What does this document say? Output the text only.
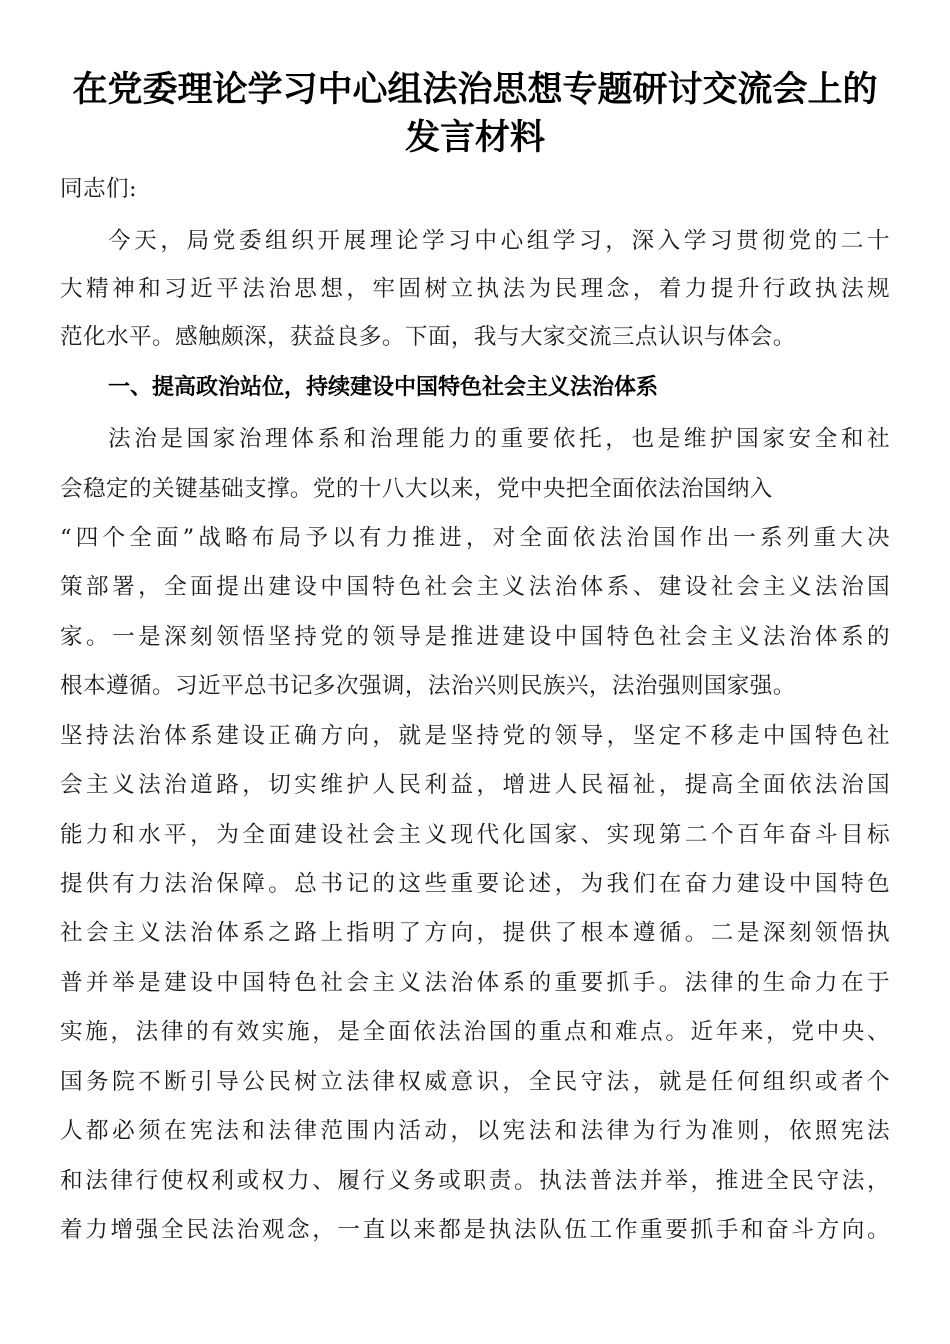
在党委理论学习中心组法治思想专题研讨交流会上的
发言材料
同志们:
今天，局党委组织开展理论学习中心组学习，深入学习贯彻党的二十
大精神和习近平法治思想，牢固树立执法为民理念，着力提升行政执法规
范化水平。感触颇深，获益良多。下面，我与大家交流三点认识与体会。
一、提高政治站位，持续建设中国特色社会主义法治体系
法治是国家治理体系和治理能力的重要依托，也是维护国家安全和社
会稳定的关键基础支撑。党的十八大以来，党中央把全面依法治国纳入
“四个全面”战略布局予以有力推进，对全面依法治国作出一系列重大决
策部署，全面提出建设中国特色社会主义法治体系、建设社会主义法治国
家。一是深刻领悟坚持党的领导是推进建设中国特色社会主义法治体系的
根本遵循。习近平总书记多次强调，法治兴则民族兴，法治强则国家强。
坚持法治体系建设正确方向，就是坚持党的领导，坚定不移走中国特色社
会主义法治道路，切实维护人民利益，增进人民福祉，提高全面依法治国
能力和水平，为全面建设社会主义现代化国家、实现第二个百年奋斗目标
提供有力法治保障。总书记的这些重要论述，为我们在奋力建设中国特色
社会主义法治体系之路上指明了方向，提供了根本遵循。二是深刻领悟执
普并举是建设中国特色社会主义法治体系的重要抓手。法律的生命力在于
实施，法律的有效实施，是全面依法治国的重点和难点。近年来，党中央、
国务院不断引导公民树立法律权威意识，全民守法，就是任何组织或者个
人都必须在宪法和法律范围内活动，以宪法和法律为行为准则，依照宪法
和法律行使权利或权力、履行义务或职责。执法普法并举，推进全民守法，
着力增强全民法治观念，一直以来都是执法队伍工作重要抓手和奋斗方向。
